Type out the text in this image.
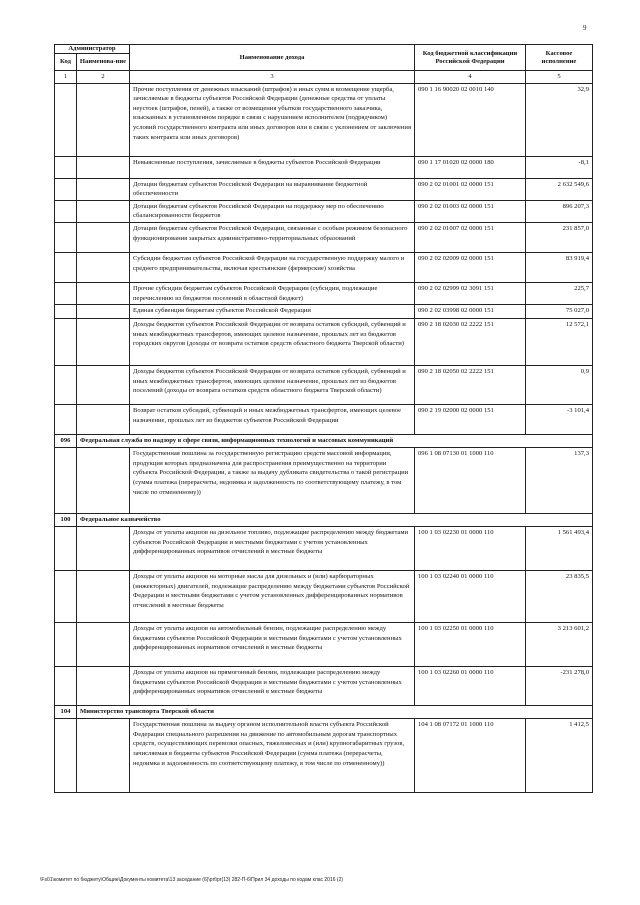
9
Администратор		Наименование дохода	Код бюджетной классификации Российской Федерации	Кассовое исполнение
Код	Наименова-ние			
1	2	3	4	5
		Прочие поступления от денежных взысканий (штрафов) и иных сумм в возмещение ущерба, зачисляемые в бюджеты субъектов Российской Федерации (денежные средства от уплаты неустоек (штрафов, пеней), а также от возмещения убытков государственного заказчика, взысканных в установленном порядке в связи с нарушением исполнителем (подрядчиком) условий государственного контракта или иных договоров или в связи с уклонением от заключения таких контракта или иных договоров)	090 1 16 90020 02 0010 140	32,9
		Невыясненные поступления, зачисляемые в бюджеты субъектов Российской Федерации	090 1 17 01020 02 0000 180	-8,1
		Дотации бюджетам субъектов Российской Федерации на выравнивание бюджетной обеспеченности	090 2 02 01001 02 0000 151	2 632 549,6
		Дотации бюджетам субъектов Российской Федерации на поддержку мер по обеспечению сбалансированности бюджетов	090 2 02 01003 02 0000 151	896 207,3
		Дотации бюджетам субъектов Российской Федерации, связанные с особым режимом безопасного функционирования закрытых административно-территориальных образований	090 2 02 01007 02 0000 151	231 857,0
		Субсидии бюджетам субъектов Российской Федерации на государственную поддержку малого и среднего предпринимательства, включая крестьянские (фермерские) хозяйства	090 2 02 02009 02 0000 151	83 919,4
		Прочие субсидии бюджетам субъектов Российской Федерации (субсидии, подлежащие перечислению из бюджетов поселений в областной бюджет)	090 2 02 02999 02 3091 151	225,7
		Единая субвенция бюджетам субъектов Российской Федерации	090 2 02 03998 02 0000 151	75 027,0
		Доходы бюджетов субъектов Российской Федерации от возврата остатков субсидий, субвенций и иных межбюджетных трансфертов, имеющих целевое назначение, прошлых лет из бюджетов городских округов (доходы от возврата остатков средств областного бюджета Тверской области)	090 2 18 02030 02 2222 151	12 572,1
		Доходы бюджетов субъектов Российской Федерации от возврата остатков субсидий, субвенций и иных межбюджетных трансфертов, имеющих целевое назначение, прошлых лет из бюджетов поселений (доходы от возврата остатков средств областного бюджета Тверской области)	090 2 18 02050 02 2222 151	0,9
		Возврат остатков субсидий, субвенций и иных межбюджетных трансфертов, имеющих целевое назначение, прошлых лет из бюджетов субъектов Российской Федерации	090 2 19 02000 02 0000 151	-3 101,4
096	Федеральная служба по надзору в сфере связи, информационных технологий и массовых коммуникаций			
		Государственная пошлина за государственную регистрацию средств массовой информации, продукция которых предназначена для распространения преимущественно на территории субъекта Российской Федерации, а также за выдачу дубликата свидетельства о такой регистрации (сумма платежа (перерасчеты, недоимка и задолженность по соответствующему платежу, в том числе по отмененному))	096 1 08 07130 01 1000 110	137,3
100	Федеральное казначейство			
		Доходы от уплаты акцизов на дизельное топливо, подлежащие распределению между бюджетами субъектов Российской Федерации и местными бюджетами с учетом установленных дифференцированных нормативов отчислений в местные бюджеты	100 1 03 02230 01 0000 110	1 561 493,4
		Доходы от уплаты акцизов на моторные масла для дизельных и (или) карбюраторных (инжекторных) двигателей, подлежащие распределению между бюджетами субъектов Российской Федерации и местными бюджетами с учетом установленных дифференцированных нормативов отчислений в местные бюджеты	100 1 03 02240 01 0000 110	23 835,5
		Доходы от уплаты акцизов на автомобильный бензин, подлежащие распределению между бюджетами субъектов Российской Федерации и местными бюджетами с учетом установленных дифференцированных нормативов отчислений в местные бюджеты	100 1 03 02250 01 0000 110	3 213 601,2
		Доходы от уплаты акцизов на прямогонный бензин, подлежащие распределению между бюджетами субъектов Российской Федерации и местными бюджетами с учетом установленных дифференцированных нормативов отчислений в местные бюджеты	100 1 03 02260 01 0000 110	-231 278,0
104	Министерство транспорта Тверской области			
		Государственная пошлина за выдачу органом исполнительной власти субъекта Российской Федерации специального разрешения на движение по автомобильным дорогам транспортных средств, осуществляющих перевозки опасных, тяжеловесных и (или) крупногабаритных грузов, зачисляемая в бюджеты субъектов Российской Федерации (сумма платежа (перерасчеты, недоимка и задолженность по соответствующему платежу, в том числе по отмененному))	104 1 08 07172 01 1000 110	1 412,5
\Fs01\комитет по бюджету\Общие\Документы комитета\13 заседание (6)\prt\pr(13) 282-П-6\Прил 34 доходы по кодам клас 2016 (2)
